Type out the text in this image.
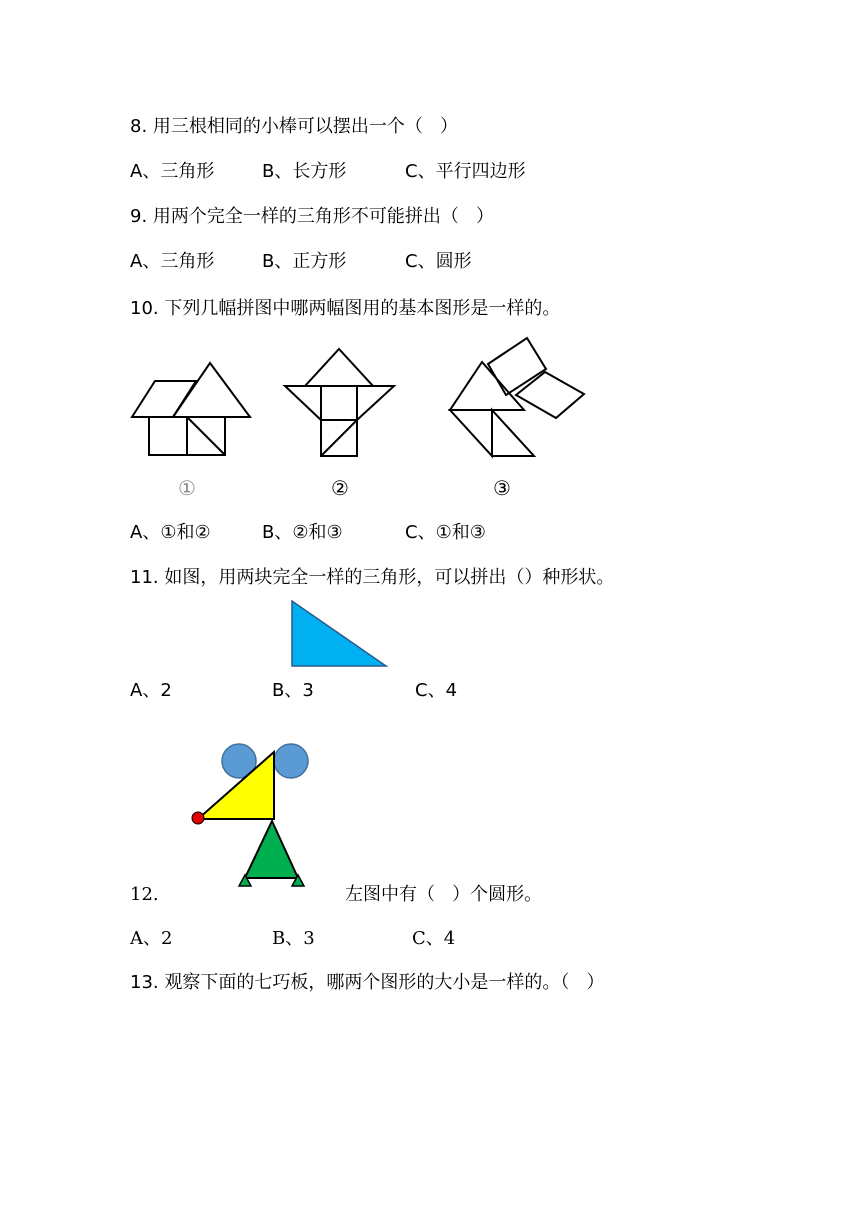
8. 用三根相同的小棒可以摆出一个（   ）
A、三角形	B、长方形	C、平行四边形
9. 用两个完全一样的三角形不可能拼出（   ）
A、三角形	B、正方形	C、圆形
10. 下列几幅拼图中哪两幅图用的基本图形是一样的。
①	②	③
A、①和②	B、②和③	C、①和③
11. 如图，用两块完全一样的三角形，可以拼出（）种形状。
A、2	B、3	C、4
12.	左图中有（   ）个圆形。
A、2	B、3	C、4
13. 观察下面的七巧板，哪两个图形的大小是一样的。（   ）
